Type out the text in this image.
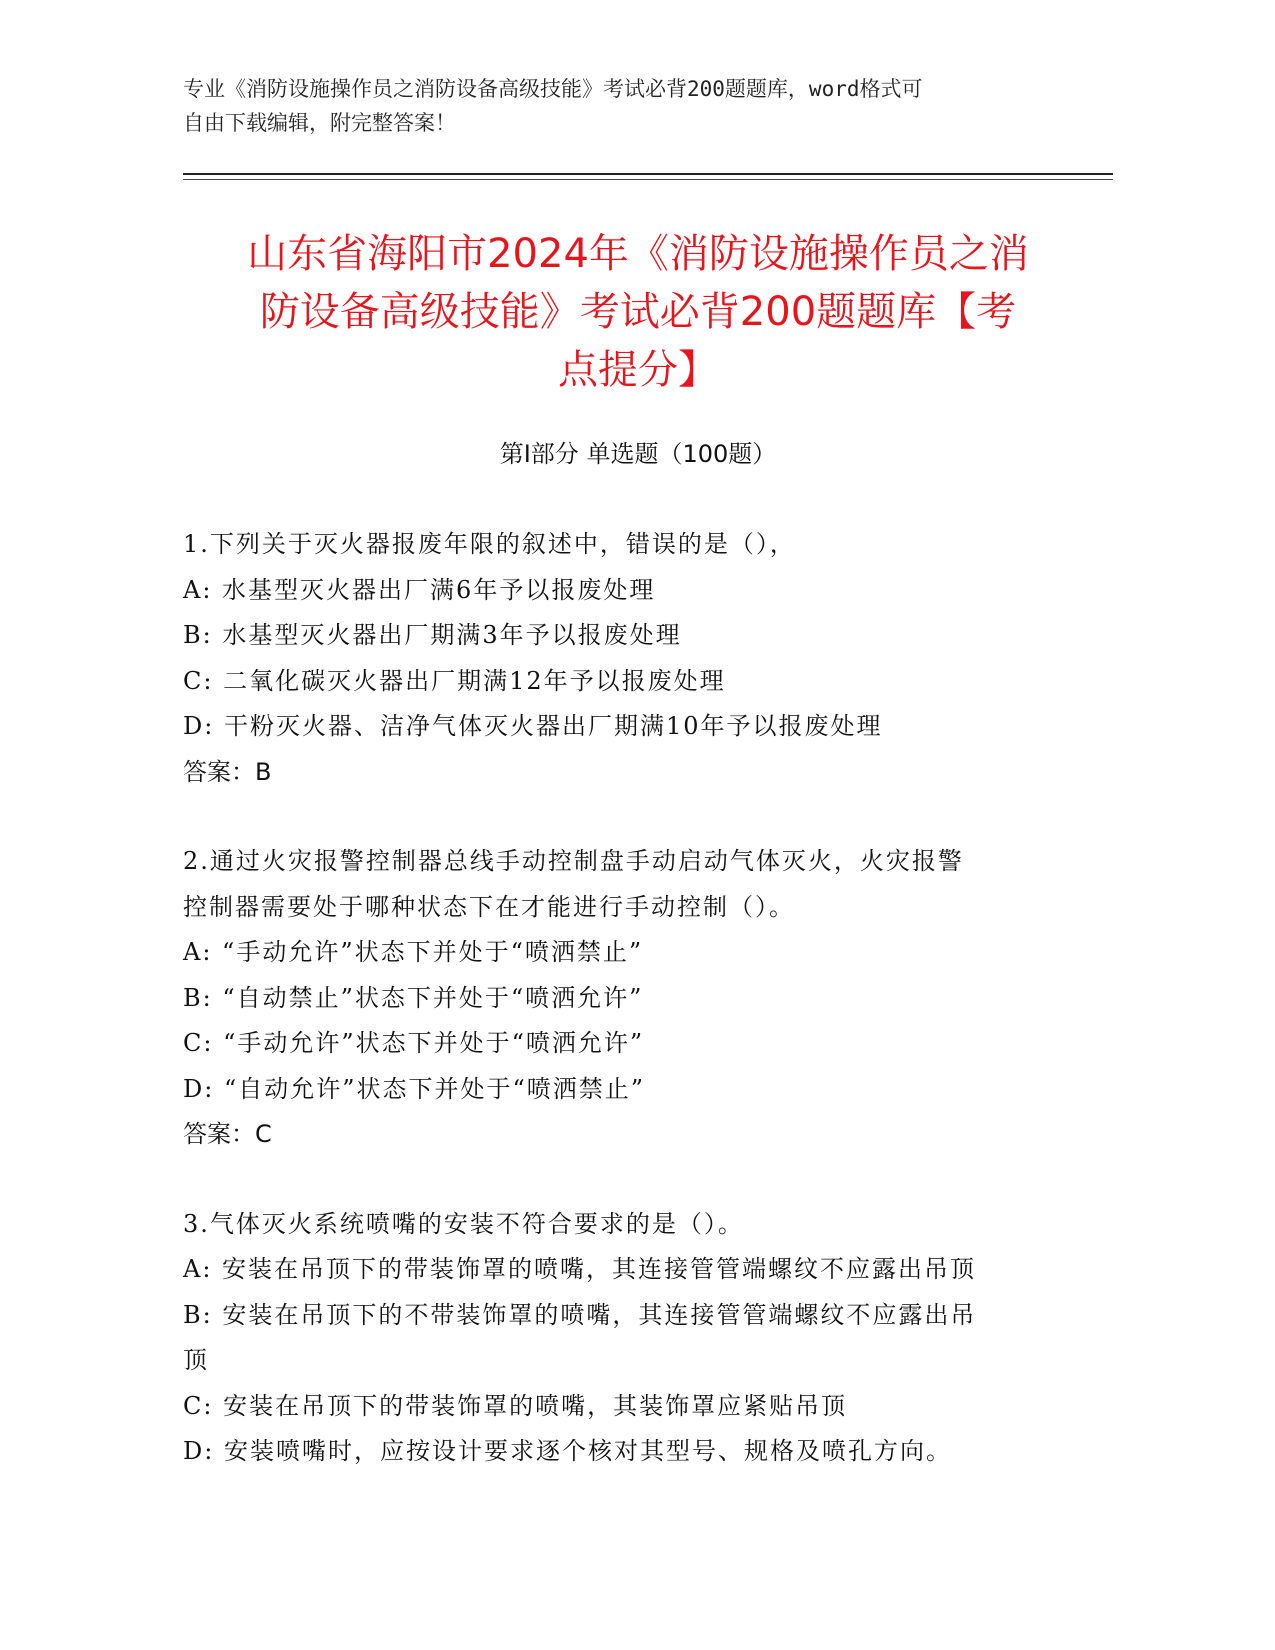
专业《消防设施操作员之消防设备高级技能》考试必背200题题库，word格式可
自由下载编辑，附完整答案！
山东省海阳市2024年《消防设施操作员之消
防设备高级技能》考试必背200题题库【考
点提分】
第Ⅰ部分 单选题（100题）

1.下列关于灭火器报废年限的叙述中，错误的是（），

A: 水基型灭火器出厂满6年予以报废处理

B: 水基型灭火器出厂期满3年予以报废处理

C: 二氧化碳灭火器出厂期满12年予以报废处理

D: 干粉灭火器、洁净气体灭火器出厂期满10年予以报废处理

答案：B

2.通过火灾报警控制器总线手动控制盘手动启动气体灭火，火灾报警

控制器需要处于哪种状态下在才能进行手动控制（）。

A: “手动允许”状态下并处于“喷洒禁止”

B: “自动禁止”状态下并处于“喷洒允许”

C: “手动允许”状态下并处于“喷洒允许”

D: “自动允许”状态下并处于“喷洒禁止”

答案：C

3.气体灭火系统喷嘴的安装不符合要求的是（）。

A: 安装在吊顶下的带装饰罩的喷嘴，其连接管管端螺纹不应露出吊顶

B: 安装在吊顶下的不带装饰罩的喷嘴，其连接管管端螺纹不应露出吊

顶

C: 安装在吊顶下的带装饰罩的喷嘴，其装饰罩应紧贴吊顶

D: 安装喷嘴时，应按设计要求逐个核对其型号、规格及喷孔方向。
